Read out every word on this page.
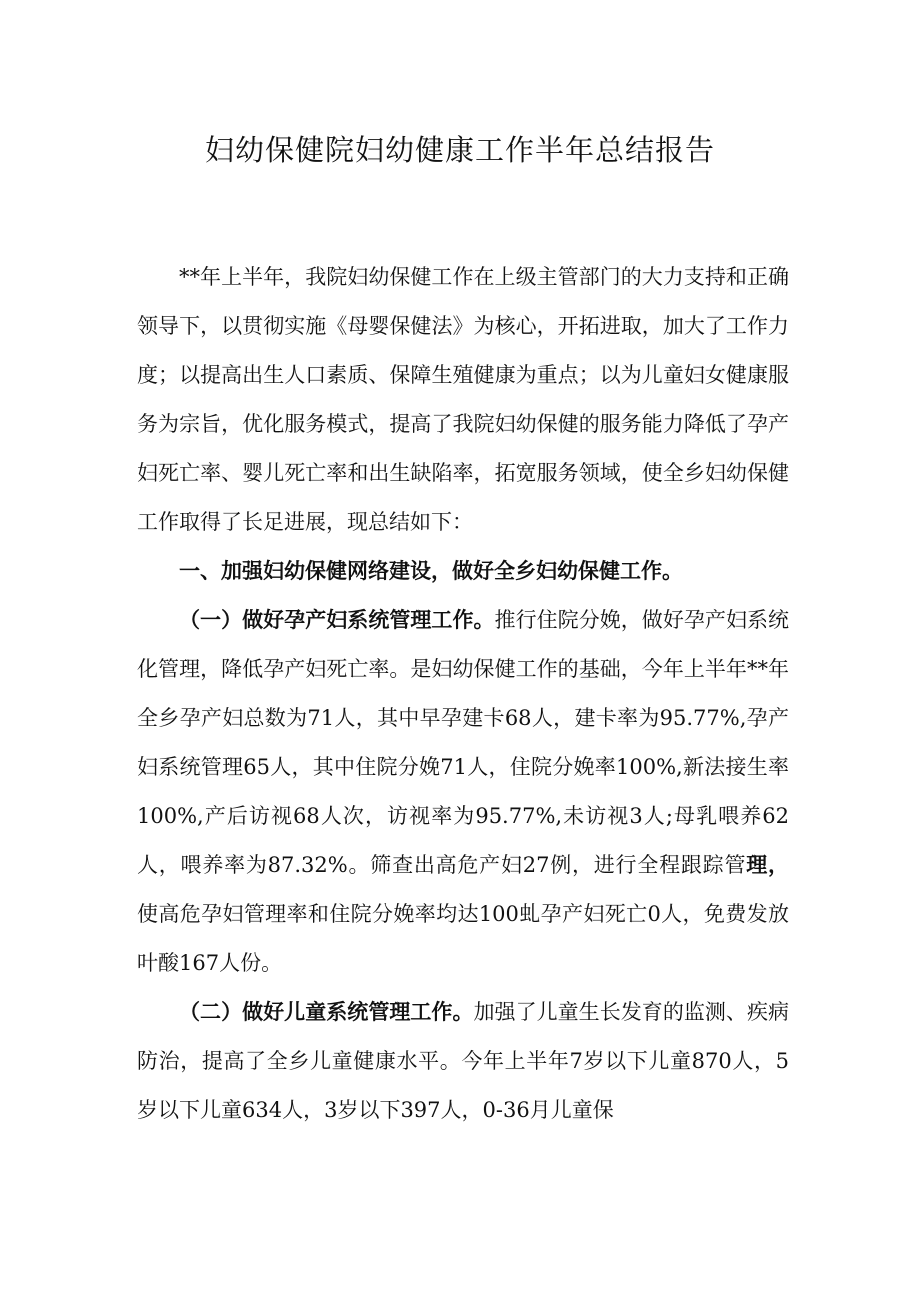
妇幼保健院妇幼健康工作半年总结报告

**年上半年，我院妇幼保健工作在上级主管部门的大力支持和正确领导下，以贯彻实施《母婴保健法》为核心，开拓进取，加大了工作力度；以提高出生人口素质、保障生殖健康为重点；以为儿童妇女健康服务为宗旨，优化服务模式，提高了我院妇幼保健的服务能力降低了孕产妇死亡率、婴儿死亡率和出生缺陷率，拓宽服务领域，使全乡妇幼保健工作取得了长足进展，现总结如下：

一、加强妇幼保健网络建设，做好全乡妇幼保健工作。

（一）做好孕产妇系统管理工作。推行住院分娩，做好孕产妇系统化管理，降低孕产妇死亡率。是妇幼保健工作的基础，今年上半年**年全乡孕产妇总数为71人，其中早孕建卡68人，建卡率为95.77%,孕产妇系统管理65人，其中住院分娩71人，住院分娩率100%,新法接生率100%,产后访视68人次，访视率为95.77%,未访视3人;母乳喂养62人，喂养率为87.32%。筛查出高危产妇27例，进行全程跟踪管理，使高危孕妇管理率和住院分娩率均达100虬孕产妇死亡0人，免费发放叶酸167人份。

（二）做好儿童系统管理工作。加强了儿童生长发育的监测、疾病防治，提高了全乡儿童健康水平。今年上半年7岁以下儿童870人，5岁以下儿童634人，3岁以下397人，0-36月儿童保
